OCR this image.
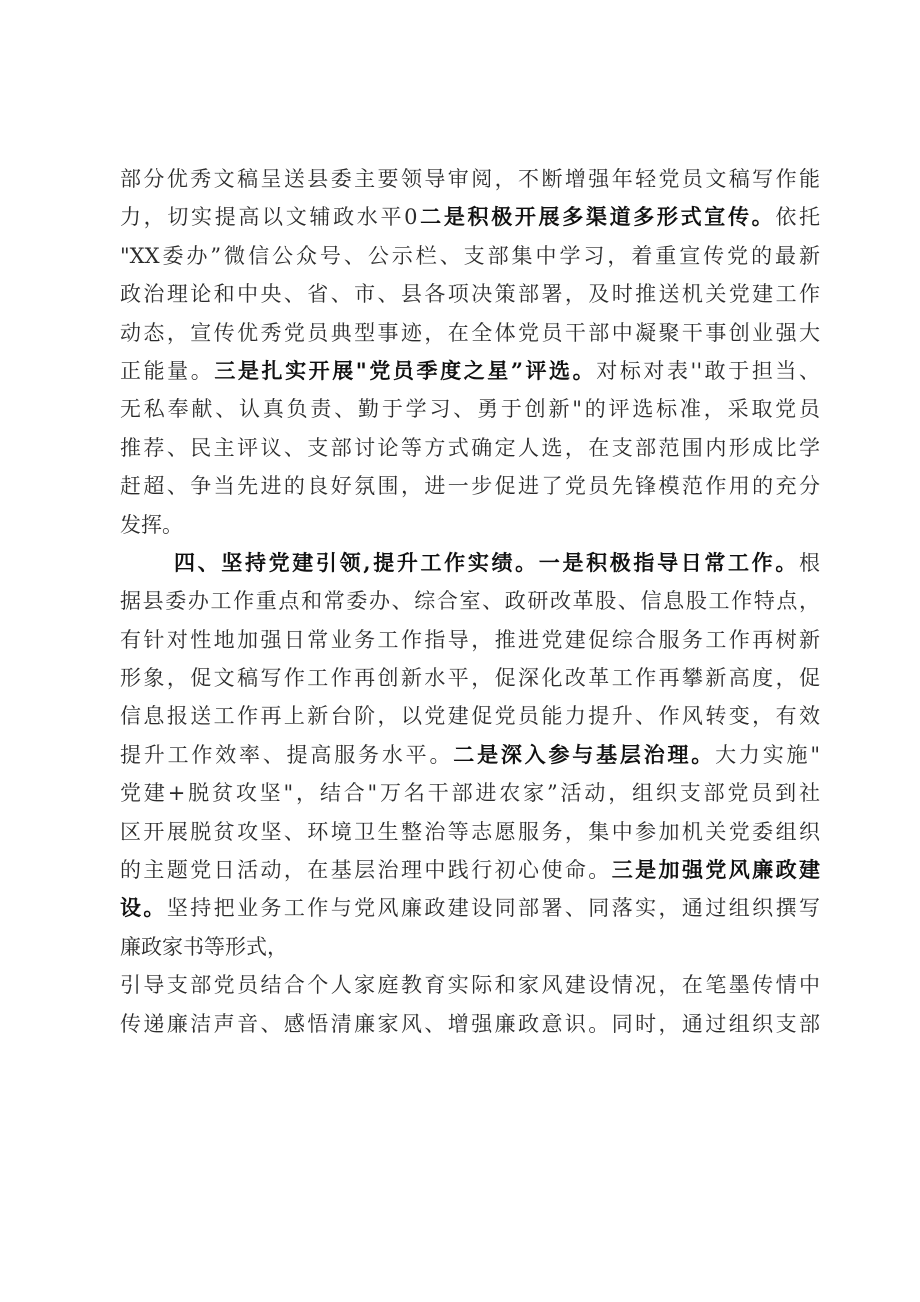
部分优秀文稿呈送县委主要领导审阅，不断增强年轻党员文稿写作能
力，切实提高以文辅政水平0二是积极开展多渠道多形式宣传。依托
"XX委办”微信公众号、公示栏、支部集中学习，着重宣传党的最新
政治理论和中央、省、市、县各项决策部署，及时推送机关党建工作
动态，宣传优秀党员典型事迹，在全体党员干部中凝聚干事创业强大
正能量。三是扎实开展"党员季度之星”评选。对标对表''敢于担当、
无私奉献、认真负责、勤于学习、勇于创新"的评选标准，采取党员
推荐、民主评议、支部讨论等方式确定人选，在支部范围内形成比学
赶超、争当先进的良好氛围，进一步促进了党员先锋模范作用的充分
发挥。
四、坚持党建引领,提升工作实绩。一是积极指导日常工作。根
据县委办工作重点和常委办、综合室、政研改革股、信息股工作特点，
有针对性地加强日常业务工作指导，推进党建促综合服务工作再树新
形象，促文稿写作工作再创新水平，促深化改革工作再攀新高度，促
信息报送工作再上新台阶，以党建促党员能力提升、作风转变，有效
提升工作效率、提高服务水平。二是深入参与基层治理。大力实施"
党建+脱贫攻坚"，结合"万名干部进农家”活动，组织支部党员到社
区开展脱贫攻坚、环境卫生整治等志愿服务，集中参加机关党委组织
的主题党日活动，在基层治理中践行初心使命。三是加强党风廉政建
设。坚持把业务工作与党风廉政建设同部署、同落实，通过组织撰写
廉政家书等形式，
引导支部党员结合个人家庭教育实际和家风建设情况，在笔墨传情中
传递廉洁声音、感悟清廉家风、增强廉政意识。同时，通过组织支部
